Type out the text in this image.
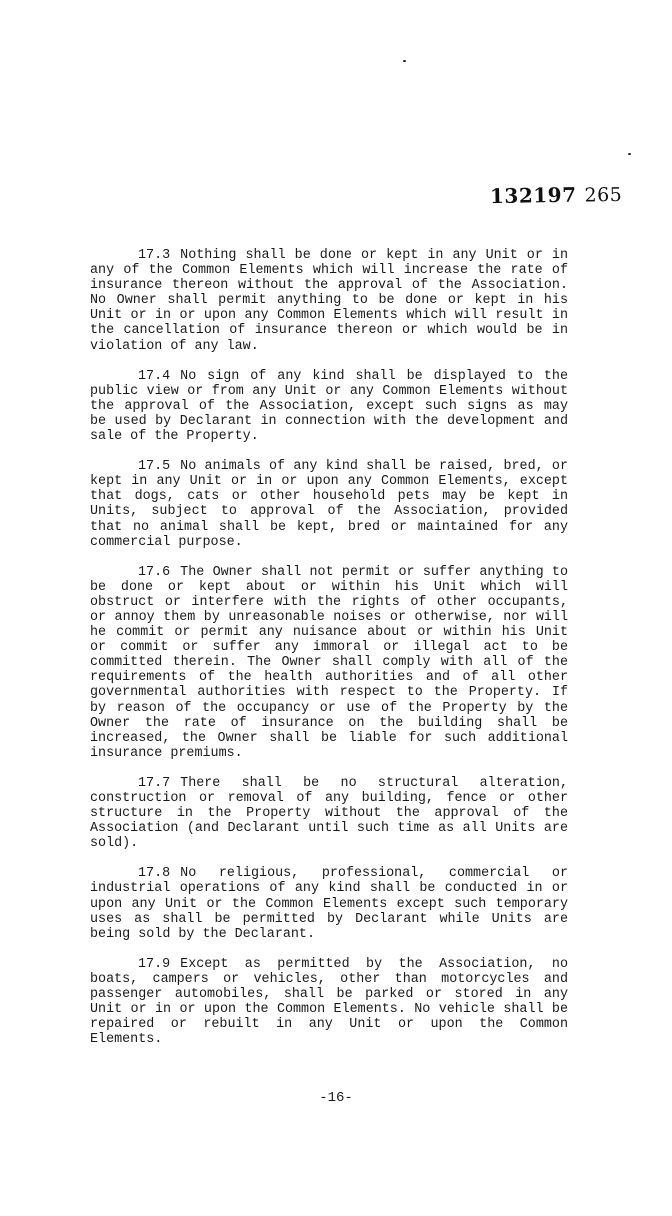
132197 265

17.3 Nothing shall be done or kept in any Unit or in any of the Common Elements which will increase the rate of insurance thereon without the approval of the Association. No Owner shall permit anything to be done or kept in his Unit or in or upon any Common Elements which will result in the cancellation of insurance thereon or which would be in violation of any law.

17.4 No sign of any kind shall be displayed to the public view or from any Unit or any Common Elements without the approval of the Association, except such signs as may be used by Declarant in connection with the development and sale of the Property.

17.5 No animals of any kind shall be raised, bred, or kept in any Unit or in or upon any Common Elements, except that dogs, cats or other household pets may be kept in Units, subject to approval of the Association, provided that no animal shall be kept, bred or maintained for any commercial purpose.

17.6 The Owner shall not permit or suffer anything to be done or kept about or within his Unit which will obstruct or interfere with the rights of other occupants, or annoy them by unreasonable noises or otherwise, nor will he commit or permit any nuisance about or within his Unit or commit or suffer any immoral or illegal act to be committed therein. The Owner shall comply with all of the requirements of the health authorities and of all other governmental authorities with respect to the Property. If by reason of the occupancy or use of the Property by the Owner the rate of insurance on the building shall be increased, the Owner shall be liable for such additional insurance premiums.

17.7 There shall be no structural alteration, construction or removal of any building, fence or other structure in the Property without the approval of the Association (and Declarant until such time as all Units are sold).

17.8 No religious, professional, commercial or industrial operations of any kind shall be conducted in or upon any Unit or the Common Elements except such temporary uses as shall be permitted by Declarant while Units are being sold by the Declarant.

17.9 Except as permitted by the Association, no boats, campers or vehicles, other than motorcycles and passenger automobiles, shall be parked or stored in any Unit or in or upon the Common Elements. No vehicle shall be repaired or rebuilt in any Unit or upon the Common Elements.

-16-
